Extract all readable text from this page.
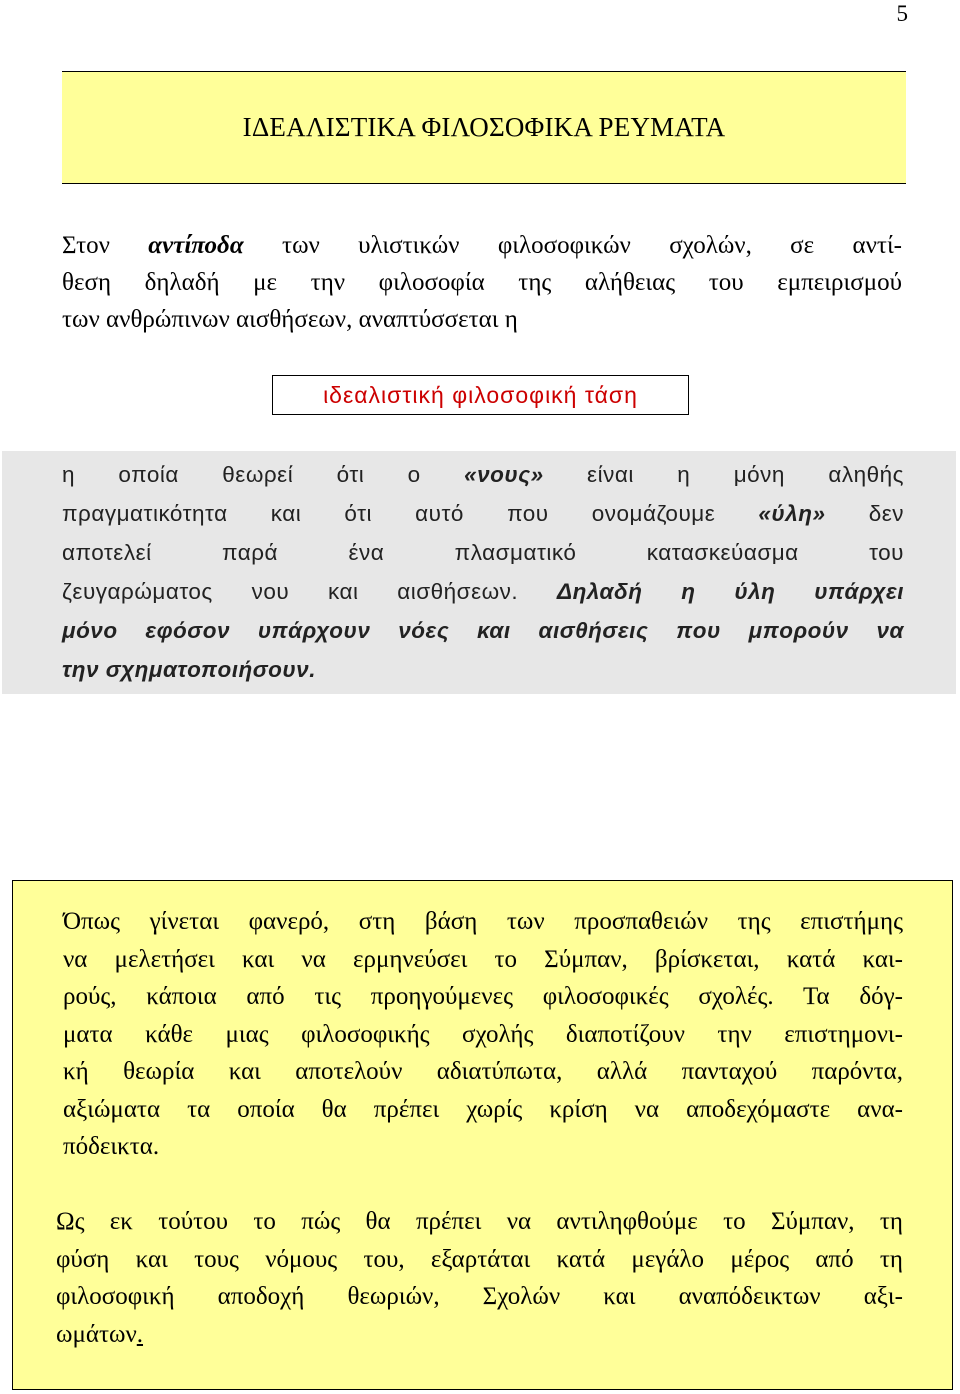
5
ΙΔΕΑΛΙΣΤΙΚΑ ΦΙΛΟΣΟΦΙΚΑ ΡΕΥΜΑΤΑ
Στον αντίποδα των υλιστικών φιλοσοφικών σχολών, σε αντί-
θεση δηλαδή με την φιλοσοφία της αλήθειας του εμπειρισμού
των ανθρώπινων αισθήσεων, αναπτύσσεται η
ιδεαλιστική φιλοσοφική τάση
η οποία θεωρεί ότι ο «νους» είναι η μόνη αληθής
πραγματικότητα και ότι αυτό που ονομάζουμε «ύλη» δεν
αποτελεί παρά ένα πλασματικό κατασκεύασμα του
ζευγαρώματος νου και αισθήσεων. Δηλαδή η ύλη υπάρχει
μόνο εφόσον υπάρχουν νόες και αισθήσεις που μπορούν να
την σχηματοποιήσουν.
Όπως γίνεται φανερό, στη βάση των προσπαθειών της επιστήμης
να μελετήσει και να ερμηνεύσει το Σύμπαν, βρίσκεται, κατά και-
ρούς, κάποια από τις προηγούμενες φιλοσοφικές σχολές. Τα δόγ-
ματα κάθε μιας φιλοσοφικής σχολής διαποτίζουν την επιστημονι-
κή θεωρία και αποτελούν αδιατύπωτα, αλλά πανταχού παρόντα,
αξιώματα τα οποία θα πρέπει χωρίς κρίση να αποδεχόμαστε ανα-
πόδεικτα.
Ως εκ τούτου το πώς θα πρέπει να αντιληφθούμε το Σύμπαν, τη
φύση και τους νόμους του, εξαρτάται κατά μεγάλο μέρος από τη
φιλοσοφική αποδοχή θεωριών, Σχολών και αναπόδεικτων αξι-
ωμάτων.
